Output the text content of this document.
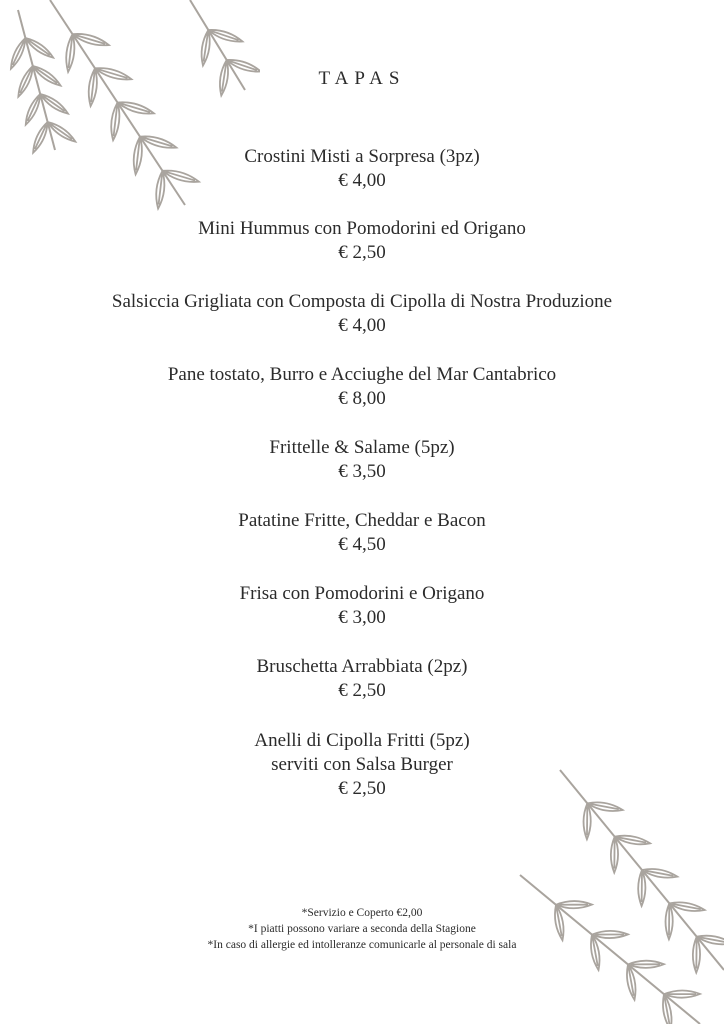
TAPAS
Crostini Misti a Sorpresa (3pz)
€ 4,00
Mini Hummus con Pomodorini ed Origano
€ 2,50
Salsiccia Grigliata con Composta di Cipolla di Nostra Produzione
€ 4,00
Pane tostato, Burro e Acciughe del Mar Cantabrico
€ 8,00
Frittelle & Salame (5pz)
€ 3,50
Patatine Fritte, Cheddar e Bacon
€ 4,50
Frisa con Pomodorini e Origano
€ 3,00
Bruschetta Arrabbiata (2pz)
€ 2,50
Anelli di Cipolla Fritti (5pz)
serviti con Salsa Burger
€ 2,50
*Servizio e Coperto €2,00
*I piatti possono variare a seconda della Stagione
*In caso di allergie ed intolleranze comunicarle al personale di sala
